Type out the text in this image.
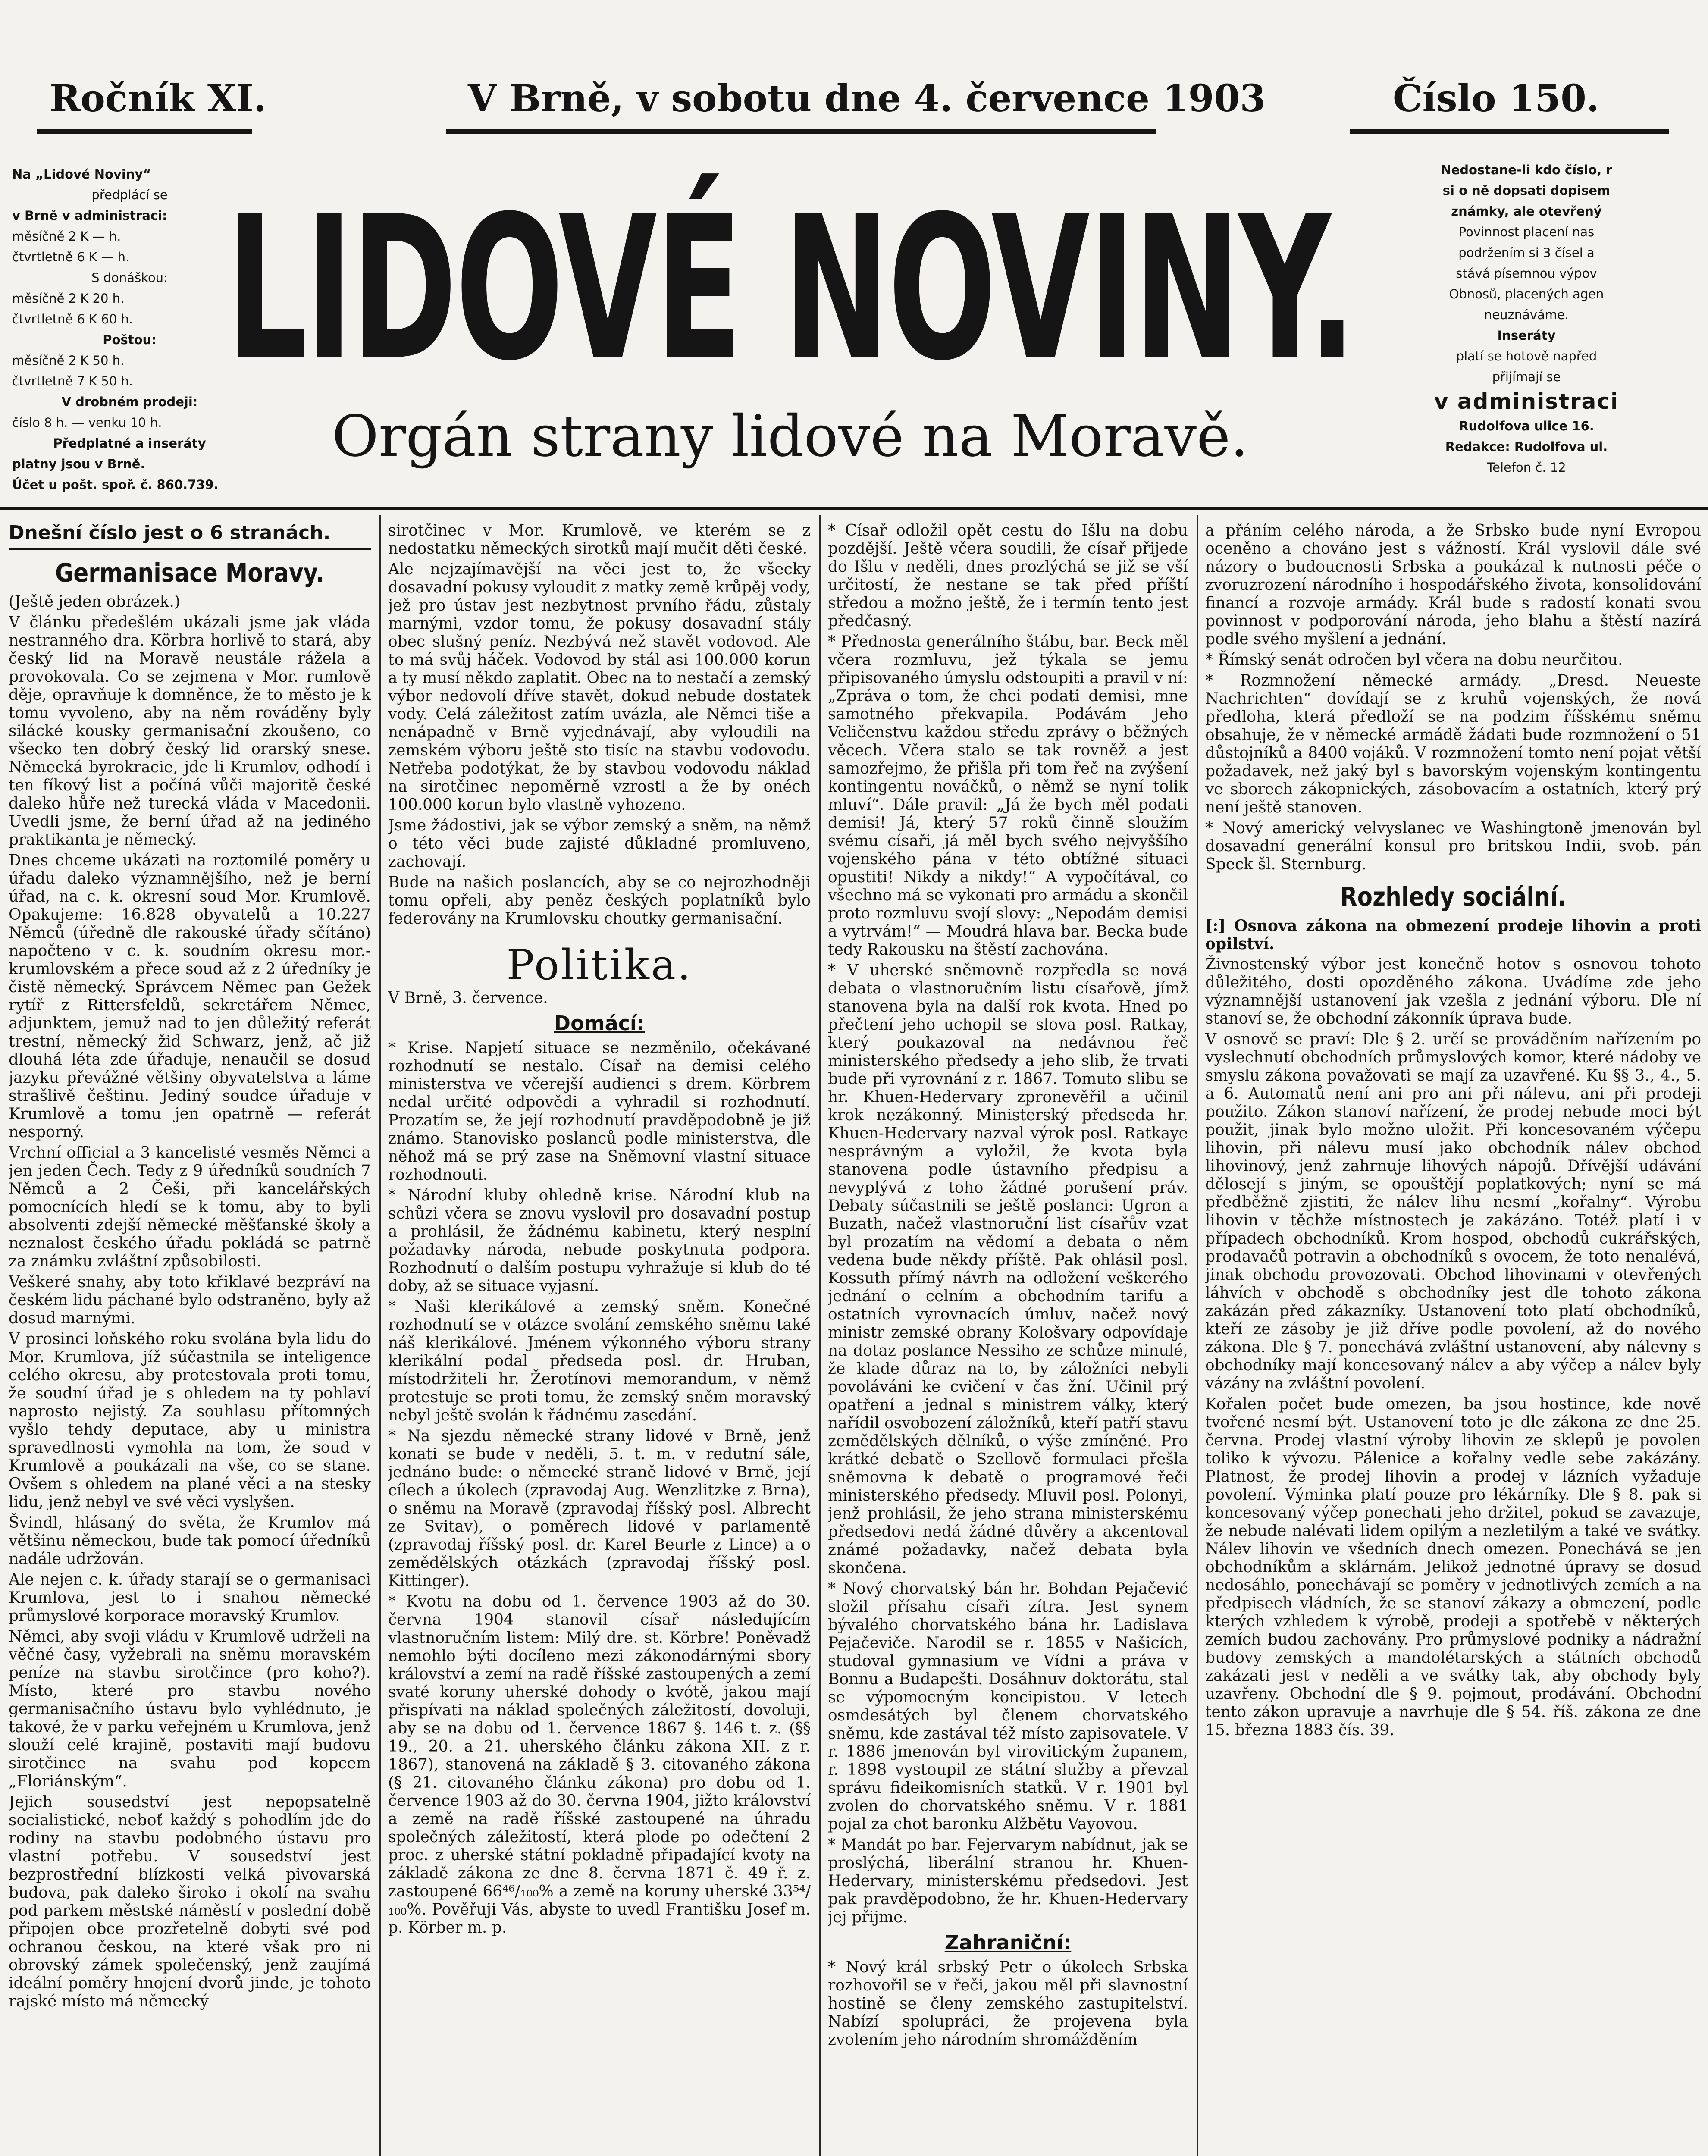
Ročník XI.	V Brně, v sobotu dne 4. července 1903	Číslo 150.
Na „Lidové Noviny“
předplácí se
v Brně v administraci:
měsíčně 2 K — h.
čtvrtletně 6 K — h.
S donáškou:
měsíčně 2 K 20 h.
čtvrtletně 6 K 60 h.
Poštou:
měsíčně 2 K 50 h.
čtvrtletně 7 K 50 h.
V drobném prodeji:
číslo 8 h. — venku 10 h.
Předplatné a inseráty
platny jsou v Brně.
Účet u pošt. spoř. č. 860.739.
LIDOVÉ NOVINY.
Orgán strany lidové na Moravě.
Nedostane-li kdo číslo, r
si o ně dopsati dopisem
známky, ale otevřený
Povinnost placení nas
podržením si 3 čísel a
stává písemnou výpov
Obnosů, placených agen
neuznáváme.
Inseráty
platí se hotově napřed
přijímají se
v administraci
Rudolfova ulice 16.
Redakce: Rudolfova ul.
Telefon č. 12
Dnešní číslo jest o 6 stranách.
Germanisace Moravy.

(Ještě jeden obrázek.)

V článku předešlém ukázali jsme jak vláda nestranného dra. Körbra horlivě to stará, aby český lid na Moravě neustále rážela a provokovala. Co se zejmena v Mor. rumlově děje, opravňuje k domněnce, že to město je k tomu vyvoleno, aby na něm rováděny byly silácké kousky germanisační zkoušeno, co všecko ten dobrý český lid orarský snese. Německá byrokracie, jde li Krumlov, odhodí i ten fíkový list a počíná vůči majoritě české daleko hůře než turecká vláda v Macedonii. Uvedli jsme, že berní úřad až na jediného praktikanta je německý.

Dnes chceme ukázati na roztomilé poměry u úřadu daleko významnějšího, než je berní úřad, na c. k. okresní soud Mor. Krumlově. Opakujeme: 16.828 obyvatelů a 10.227 Němců (úředně dle rakouské úřady sčítáno) napočteno v c. k. soudním okresu mor.-krumlovském a přece soud až z 2 úředníky je čistě německý. Správcem Němec pan Gežek rytíř z Rittersfeldů, sekretářem Němec, adjunktem, jemuž nad to jen důležitý referát trestní, německý žid Schwarz, jenž, ač již dlouhá léta zde úřaduje, nenaučil se dosud jazyku převážné většiny obyvatelstva a láme strašlivě češtinu. Jediný soudce úřaduje v Krumlově a tomu jen opatrně — referát nesporný.

Vrchní official a 3 kancelisté vesměs Němci a jen jeden Čech. Tedy z 9 úředníků soudních 7 Němců a 2 Češi, při kancelářských pomocnících hledí se k tomu, aby to byli absolventi zdejší německé měšťanské školy a neznalost českého úřadu pokládá se patrně za známku zvláštní způsobilosti.

Veškeré snahy, aby toto křiklavé bezpráví na českém lidu páchané bylo odstraněno, byly až dosud marnými.

V prosinci loňského roku svolána byla lidu do Mor. Krumlova, jíž súčastnila se inteligence celého okresu, aby protestovala proti tomu, že soudní úřad je s ohledem na ty pohlaví naprosto nejistý. Za souhlasu přítomných vyšlo tehdy deputace, aby u ministra spravedlnosti vymohla na tom, že soud v Krumlově a poukázali na vše, co se stane. Ovšem s ohledem na plané věci a na stesky lidu, jenž nebyl ve své věci vyslyšen.

Švindl, hlásaný do světa, že Krumlov má většinu německou, bude tak pomocí úředníků nadále udržován.

Ale nejen c. k. úřady starají se o germanisaci Krumlova, jest to i snahou německé průmyslové korporace moravský Krumlov.

Němci, aby svoji vládu v Krumlově udrželi na věčné časy, vyžebrali na sněmu moravském peníze na stavbu sirotčince (pro koho?). Místo, které pro stavbu nového germanisačního ústavu bylo vyhlédnuto, je takové, že v parku veřejném u Krumlova, jenž slouží celé krajině, postaviti mají budovu sirotčince na svahu pod kopcem „Floriánským“.

Jejich sousedství jest nepopsatelně socialistické, neboť každý s pohodlím jde do rodiny na stavbu podobného ústavu pro vlastní potřebu. V sousedství jest bezprostřední blízkosti velká pivovarská budova, pak daleko široko i okolí na svahu pod parkem městské náměstí v poslední době připojen obce prozřetelně dobyti své pod ochranou českou, na které však pro ni obrovský zámek společenský, jenž zaujímá ideální poměry hnojení dvorů jinde, je tohoto rajské místo má německý

sirotčinec v Mor. Krumlově, ve kterém se z nedostatku německých sirotků mají mučit děti české.

Ale nejzajímavější na věci jest to, že všecky dosavadní pokusy vyloudit z matky země krůpěj vody, jež pro ústav jest nezbytnost prvního řádu, zůstaly marnými, vzdor tomu, že pokusy dosavadní stály obec slušný peníz. Nezbývá než stavět vodovod. Ale to má svůj háček. Vodovod by stál asi 100.000 korun a ty musí někdo zaplatit. Obec na to nestačí a zemský výbor nedovolí dříve stavět, dokud nebude dostatek vody. Celá záležitost zatím uvázla, ale Němci tiše a nenápadně v Brně vyjednávají, aby vyloudili na zemském výboru ještě sto tisíc na stavbu vodovodu. Netřeba podotýkat, že by stavbou vodovodu náklad na sirotčinec nepoměrně vzrostl a že by onéch 100.000 korun bylo vlastně vyhozeno.

Jsme žádostivi, jak se výbor zemský a sněm, na němž o této věci bude zajisté důkladné promluveno, zachovají.

Bude na našich poslancích, aby se co nejrozhodněji tomu opřeli, aby peněz českých poplatníků bylo federovány na Krumlovsku choutky germanisační.

Politika.

V Brně, 3. července.

Domácí:

* Krise. Napjetí situace se nezměnilo, očekávané rozhodnutí se nestalo. Císař na demisi celého ministerstva ve včerejší audienci s drem. Körbrem nedal určité odpovědi a vyhradil si rozhodnutí. Prozatím se, že její rozhodnutí pravděpodobně je již známo. Stanovisko poslanců podle ministerstva, dle něhož má se prý zase na Sněmovní vlastní situace rozhodnouti.

* Národní kluby ohledně krise. Národní klub na schůzi včera se znovu vyslovil pro dosavadní postup a prohlásil, že žádnému kabinetu, který nesplní požadavky národa, nebude poskytnuta podpora. Rozhodnutí o dalším postupu vyhražuje si klub do té doby, až se situace vyjasní.

* Naši klerikálové a zemský sněm. Konečné rozhodnutí se v otázce svolání zemského sněmu také náš klerikálové. Jménem výkonného výboru strany klerikální podal předseda posl. dr. Hruban, místodržiteli hr. Žerotínovi memorandum, v němž protestuje se proti tomu, že zemský sněm moravský nebyl ještě svolán k řádnému zasedání.

* Na sjezdu německé strany lidové v Brně, jenž konati se bude v neděli, 5. t. m. v redutní sále, jednáno bude: o německé straně lidové v Brně, její cílech a úkolech (zpravodaj Aug. Wenzlitzke z Brna), o sněmu na Moravě (zpravodaj říšský posl. Albrecht ze Svitav), o poměrech lidové v parlamentě (zpravodaj říšský posl. dr. Karel Beurle z Lince) a o zemědělských otázkách (zpravodaj říšský posl. Kittinger).

* Kvotu na dobu od 1. července 1903 až do 30. června 1904 stanovil císař následujícím vlastnoručním listem: Milý dre. st. Körbre! Poněvadž nemohlo býti docíleno mezi zákonodárnými sbory království a zemí na radě říšské zastoupených a zemí svaté koruny uherské dohody o kvótě, jakou mají přispívati na náklad společných záležitostí, dovoluji, aby se na dobu od 1. července 1867 §. 146 t. z. (§§ 19., 20. a 21. uherského článku zákona XII. z r. 1867), stanovená na základě § 3. citovaného zákona (§ 21. citovaného článku zákona) pro dobu od 1. července 1903 až do 30. června 1904, jižto království a země na radě říšské zastoupené na úhradu společných záležitostí, která plode po odečtení 2 proc. z uherské státní pokladně připadající kvoty na základě zákona ze dne 8. června 1871 č. 49 ř. z. zastoupené 66⁴⁶/₁₀₀% a země na koruny uherské 33⁵⁴/₁₀₀%. Pověřuji Vás, abyste to uvedl Františku Josef m. p. Körber m. p.

* Císař odložil opět cestu do Išlu na dobu pozdější. Ještě včera soudili, že císař přijede do Išlu v neděli, dnes prozlýchá se již se vší určitostí, že nestane se tak před příští středou a možno ještě, že i termín tento jest předčasný.

* Přednosta generálního štábu, bar. Beck měl včera rozmluvu, jež týkala se jemu připisovaného úmyslu odstoupiti a pravil v ní: „Zpráva o tom, že chci podati demisi, mne samotného překvapila. Podávám Jeho Veličenstvu každou středu zprávy o běžných věcech. Včera stalo se tak rovněž a jest samozřejmo, že přišla při tom řeč na zvýšení kontingentu nováčků, o němž se nyní tolik mluví“. Dále pravil: „Já že bych měl podati demisi! Já, který 57 roků činně sloužím svému císaři, já měl bych svého nejvyššího vojenského pána v této obtížné situaci opustiti! Nikdy a nikdy!“ A vypočítával, co všechno má se vykonati pro armádu a skončil proto rozmluvu svojí slovy: „Nepodám demisi a vytrvám!“ — Moudrá hlava bar. Becka bude tedy Rakousku na štěstí zachována.

* V uherské sněmovně rozpředla se nová debata o vlastnoručním listu císařově, jímž stanovena byla na další rok kvota. Hned po přečtení jeho uchopil se slova posl. Ratkay, který poukazoval na nedávnou řeč ministerského předsedy a jeho slib, že trvati bude při vyrovnání z r. 1867. Tomuto slibu se hr. Khuen-Hedervary zpronevěřil a učinil krok nezákonný. Ministerský předseda hr. Khuen-Hedervary nazval výrok posl. Ratkaye nesprávným a vyložil, že kvota byla stanovena podle ústavního předpisu a nevyplývá z toho žádné porušení práv. Debaty súčastnili se ještě poslanci: Ugron a Buzath, načež vlastnoruční list císařův vzat byl prozatím na vědomí a debata o něm vedena bude někdy příště. Pak ohlásil posl. Kossuth přímý návrh na odložení veškerého jednání o celním a obchodním tarifu a ostatních vyrovnacích úmluv, načež nový ministr zemské obrany Kološvary odpovídaje na dotaz poslance Nessiho ze schůze minulé, že klade důraz na to, by záložníci nebyli povoláváni ke cvičení v čas žní. Učinil prý opatření a jednal s ministrem války, který nařídil osvobození záložníků, kteří patří stavu zemědělských dělníků, o výše zmíněné. Pro krátké debatě o Szellově formulaci přešla sněmovna k debatě o programové řeči ministerského předsedy. Mluvil posl. Polonyi, jenž prohlásil, že jeho strana ministerskému předsedovi nedá žádné důvěry a akcentoval známé požadavky, načež debata byla skončena.

* Nový chorvatský bán hr. Bohdan Pejačević složil přísahu císaři zítra. Jest synem bývalého chorvatského bána hr. Ladislava Pejačeviče. Narodil se r. 1855 v Našicích, studoval gymnasium ve Vídni a práva v Bonnu a Budapešti. Dosáhnuv doktorátu, stal se výpomocným koncipistou. V letech osmdesátých byl členem chorvatského sněmu, kde zastával též místo zapisovatele. V r. 1886 jmenován byl virovitickým županem, r. 1898 vystoupil ze státní služby a převzal správu fideikomisních statků. V r. 1901 byl zvolen do chorvatského sněmu. V r. 1881 pojal za chot baronku Alžbětu Vayovou.

* Mandát po bar. Fejervarym nabídnut, jak se proslýchá, liberální stranou hr. Khuen-Hedervary, ministerskému předsedovi. Jest pak pravděpodobno, že hr. Khuen-Hedervary jej přijme.

Zahraniční:

* Nový král srbský Petr o úkolech Srbska rozhovořil se v řeči, jakou měl při slavnostní hostině se členy zemského zastupitelství. Nabízí spolupráci, že projevena byla zvolením jeho národním shromážděním

a přáním celého národa, a že Srbsko bude nyní Evropou oceněno a chováno jest s vážností. Král vyslovil dále své názory o budoucnosti Srbska a poukázal k nutnosti péče o zvoruzrození národního i hospodářského života, konsolidování financí a rozvoje armády. Král bude s radostí konati svou povinnost v podporování národa, jeho blahu a štěstí nazírá podle svého myšlení a jednání.

* Římský senát odročen byl včera na dobu neurčitou.

* Rozmnožení německé armády. „Dresd. Neueste Nachrichten“ dovídají se z kruhů vojenských, že nová předloha, která předloží se na podzim říšskému sněmu obsahuje, že v německé armádě žádati bude rozmnožení o 51 důstojníků a 8400 vojáků. V rozmnožení tomto není pojat větší požadavek, než jaký byl s bavorským vojenským kontingentu ve sborech zákopnických, zásobovacím a ostatních, který prý není ještě stanoven.

* Nový americký velvyslanec ve Washingtoně jmenován byl dosavadní generální konsul pro britskou Indii, svob. pán Speck šl. Sternburg.

Rozhledy sociální.

[:] Osnova zákona na obmezení prodeje lihovin a proti opilství.

Živnostenský výbor jest konečně hotov s osnovou tohoto důležitého, dosti opozděného zákona. Uvádíme zde jeho významnější ustanovení jak vzešla z jednání výboru. Dle ní stanoví se, že obchodní zákonník úprava bude.

V osnově se praví: Dle § 2. určí se prováděním nařízením po vyslechnutí obchodních průmyslových komor, které nádoby ve smyslu zákona považovati se mají za uzavřené. Ku §§ 3., 4., 5. a 6. Automatů není ani pro ani při nálevu, ani při prodeji použito. Zákon stanoví nařízení, že prodej nebude moci být použit, jinak bylo možno uložit. Při koncesovaném výčepu lihovin, při nálevu musí jako obchodník nálev obchod lihovinový, jenž zahrnuje lihových nápojů. Dřívější udávání dělosejí s jiným, se opouštějí poplatkových; nyní se má předběžně zjistiti, že nálev lihu nesmí „kořalny“. Výrobu lihovin v těchže místnostech je zakázáno. Totéž platí i v případech obchodníků. Krom hospod, obchodů cukrářských, prodavačů potravin a obchodníků s ovocem, že toto nenalévá, jinak obchodu provozovati. Obchod lihovinami v otevřených láhvích v obchodě s obchodníky jest dle tohoto zákona zakázán před zákazníky. Ustanovení toto platí obchodníků, kteří ze zásoby je již dříve podle povolení, až do nového zákona. Dle § 7. ponechává zvláštní ustanovení, aby nálevny s obchodníky mají koncesovaný nálev a aby výčep a nálev byly vázány na zvláštní povolení.

Kořalen počet bude omezen, ba jsou hostince, kde nově tvořené nesmí být. Ustanovení toto je dle zákona ze dne 25. června. Prodej vlastní výroby lihovin ze sklepů je povolen toliko k vývozu. Pálenice a kořalny vedle sebe zakázány. Platnost, že prodej lihovin a prodej v lázních vyžaduje povolení. Výminka platí pouze pro lékárníky. Dle § 8. pak si koncesovaný výčep ponechati jeho držitel, pokud se zavazuje, že nebude nalévati lidem opilým a nezletilým a také ve svátky. Nálev lihovin ve všedních dnech omezen. Ponechává se jen obchodníkům a sklárnám. Jelikož jednotné úpravy se dosud nedosáhlo, ponechávají se poměry v jednotlivých zemích a na předpisech vládních, že se stanoví zákazy a obmezení, podle kterých vzhledem k výrobě, prodeji a spotřebě v některých zemích budou zachovány. Pro průmyslové podniky a nádražní budovy zemských a mandolétarských a státních obchodů zakázati jest v neděli a ve svátky tak, aby obchody byly uzavřeny. Obchodní dle § 9. pojmout, prodávání. Obchodní tento zákon upravuje a navrhuje dle § 54. říš. zákona ze dne 15. března 1883 čís. 39.
